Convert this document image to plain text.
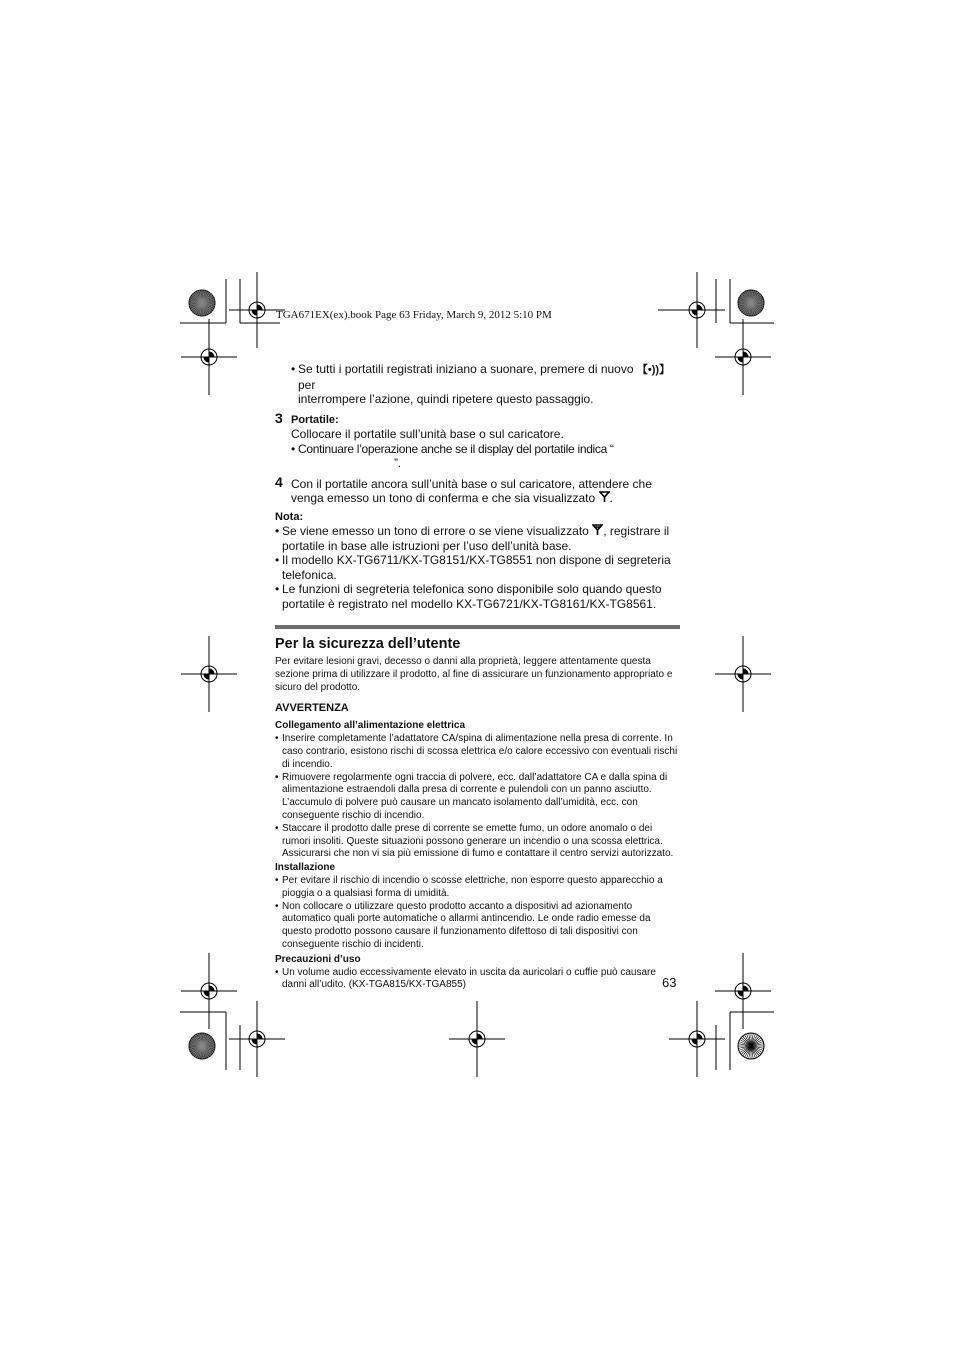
TGA671EX(ex).book Page 63 Friday, March 9, 2012 5:10 PM
• Se tutti i portatili registrati iniziano a suonare, premere di nuovo 【•))】 per
interrompere l’azione, quindi ripetere questo passaggio.
3 Portatile:
Collocare il portatile sull’unità base o sul caricatore.
• Continuare l’operazione anche se il display del portatile indica “
”.
4 Con il portatile ancora sull’unità base o sul caricatore, attendere che venga emesso un tono di conferma e che sia visualizzato .
Nota:
• Se viene emesso un tono di errore o se viene visualizzato , registrare il portatile in base alle istruzioni per l’uso dell’unità base.
• Il modello KX-TG6711/KX-TG8151/KX-TG8551 non dispone di segreteria telefonica.
• Le funzioni di segreteria telefonica sono disponibile solo quando questo portatile è registrato nel modello KX-TG6721/KX-TG8161/KX-TG8561.
Per la sicurezza dell’utente
Per evitare lesioni gravi, decesso o danni alla proprietà, leggere attentamente questa sezione prima di utilizzare il prodotto, al fine di assicurare un funzionamento appropriato e sicuro del prodotto.
AVVERTENZA
Collegamento all’alimentazione elettrica
• Inserire completamente l’adattatore CA/spina di alimentazione nella presa di corrente. In caso contrario, esistono rischi di scossa elettrica e/o calore eccessivo con eventuali rischi di incendio.
• Rimuovere regolarmente ogni traccia di polvere, ecc. dall’adattatore CA e dalla spina di alimentazione estraendoli dalla presa di corrente e pulendoli con un panno asciutto. L’accumulo di polvere può causare un mancato isolamento dall’umidità, ecc. con conseguente rischio di incendio.
• Staccare il prodotto dalle prese di corrente se emette fumo, un odore anomalo o dei rumori insoliti. Queste situazioni possono generare un incendio o una scossa elettrica. Assicurarsi che non vi sia più emissione di fumo e contattare il centro servizi autorizzato.
Installazione
• Per evitare il rischio di incendio o scosse elettriche, non esporre questo apparecchio a pioggia o a qualsiasi forma di umidità.
• Non collocare o utilizzare questo prodotto accanto a dispositivi ad azionamento automatico quali porte automatiche o allarmi antincendio. Le onde radio emesse da questo prodotto possono causare il funzionamento difettoso di tali dispositivi con conseguente rischio di incidenti.
Precauzioni d’uso
• Un volume audio eccessivamente elevato in uscita da auricolari o cuffie può causare danni all’udito. (KX-TGA815/KX-TGA855)	63
